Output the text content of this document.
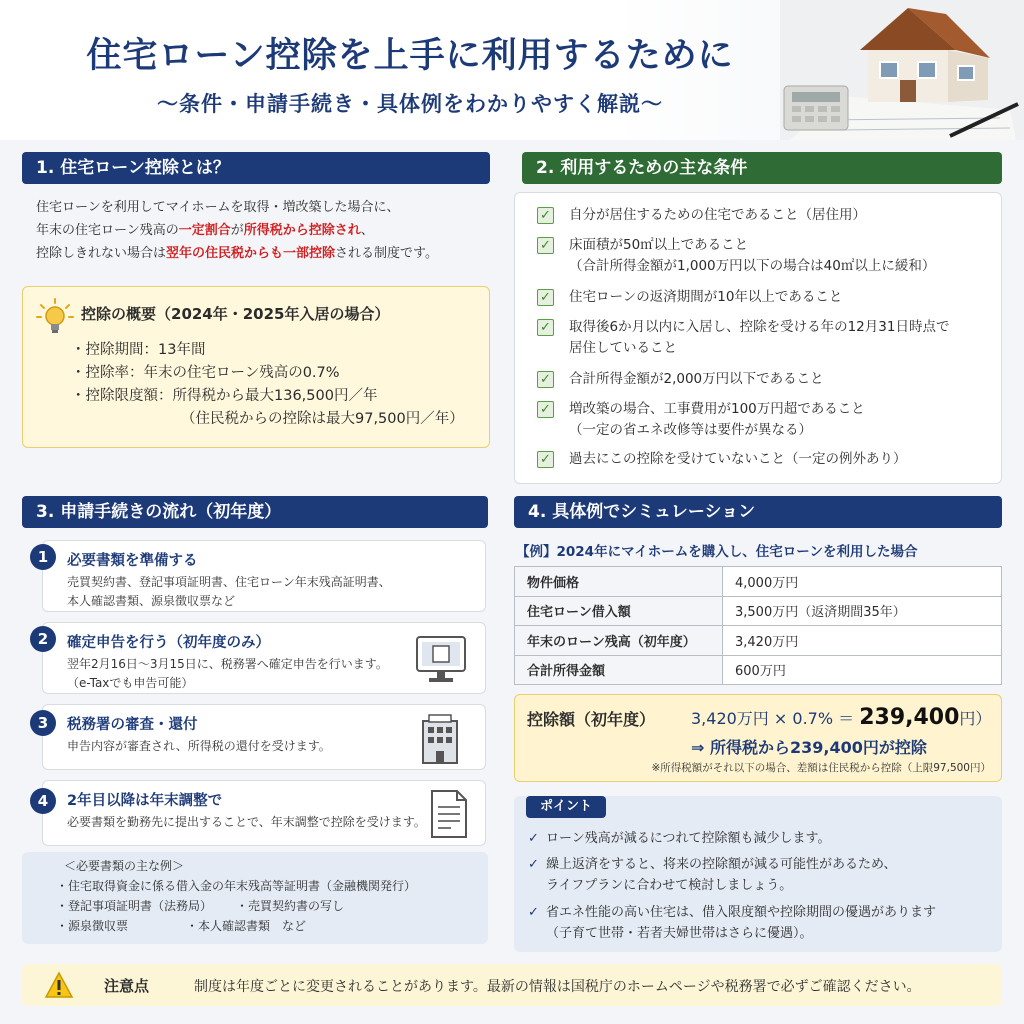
住宅ローン控除を上手に利用するために
〜条件・申請手続き・具体例をわかりやすく解説〜
1. 住宅ローン控除とは？
住宅ローンを利用してマイホームを取得・増改築した場合に、
年末の住宅ローン残高の一定割合が所得税から控除され、
控除しきれない場合は翌年の住民税からも一部控除される制度です。
控除の概要（2024年・2025年入居の場合）
・控除期間：13年間
・控除率：年末の住宅ローン残高の0.7%
・控除限度額：所得税から最大136,500円／年
（住民税からの控除は最大97,500円／年）
2. 利用するための主な条件
✓	自分が居住するための住宅であること（居住用）
✓	床面積が50㎡以上であること
（合計所得金額が1,000万円以下の場合は40㎡以上に緩和）
✓	住宅ローンの返済期間が10年以上であること
✓	取得後6か月以内に入居し、控除を受ける年の12月31日時点で
居住していること
✓	合計所得金額が2,000万円以下であること
✓	増改築の場合、工事費用が100万円超であること
（一定の省エネ改修等は要件が異なる）
✓	過去にこの控除を受けていないこと（一定の例外あり）
3. 申請手続きの流れ（初年度）
必要書類を準備する
売買契約書、登記事項証明書、住宅ローン年末残高証明書、
本人確認書類、源泉徴収票など
1
確定申告を行う（初年度のみ）
翌年2月16日〜3月15日に、税務署へ確定申告を行います。
（e-Taxでも申告可能）
2
税務署の審査・還付
申告内容が審査され、所得税の還付を受けます。
3
2年目以降は年末調整で
必要書類を勤務先に提出することで、年末調整で控除を受けます。
4
＜必要書類の主な例＞
・住宅取得資金に係る借入金の年末残高等証明書（金融機関発行）
・登記事項証明書（法務局） ・売買契約書の写し
・源泉徴収票	・本人確認書類　など
4. 具体例でシミュレーション
【例】2024年にマイホームを購入し、住宅ローンを利用した場合
物件価格	4,000万円
住宅ローン借入額	3,500万円（返済期間35年）
年末のローン残高（初年度）	3,420万円
合計所得金額	600万円
控除額（初年度） 3,420万円 × 0.7% ＝ 239,400円）
⇒ 所得税から239,400円が控除
※所得税額がそれ以下の場合、差額は住民税から控除（上限97,500円）
ポイント
✓ ローン残高が減るにつれて控除額も減少します。
✓ 繰上返済をすると、将来の控除額が減る可能性があるため、
ライフプランに合わせて検討しましょう。
✓ 省エネ性能の高い住宅は、借入限度額や控除期間の優遇があります
（子育て世帯・若者夫婦世帯はさらに優遇）。
注意点	制度は年度ごとに変更されることがあります。最新の情報は国税庁のホームページや税務署で必ずご確認ください。
